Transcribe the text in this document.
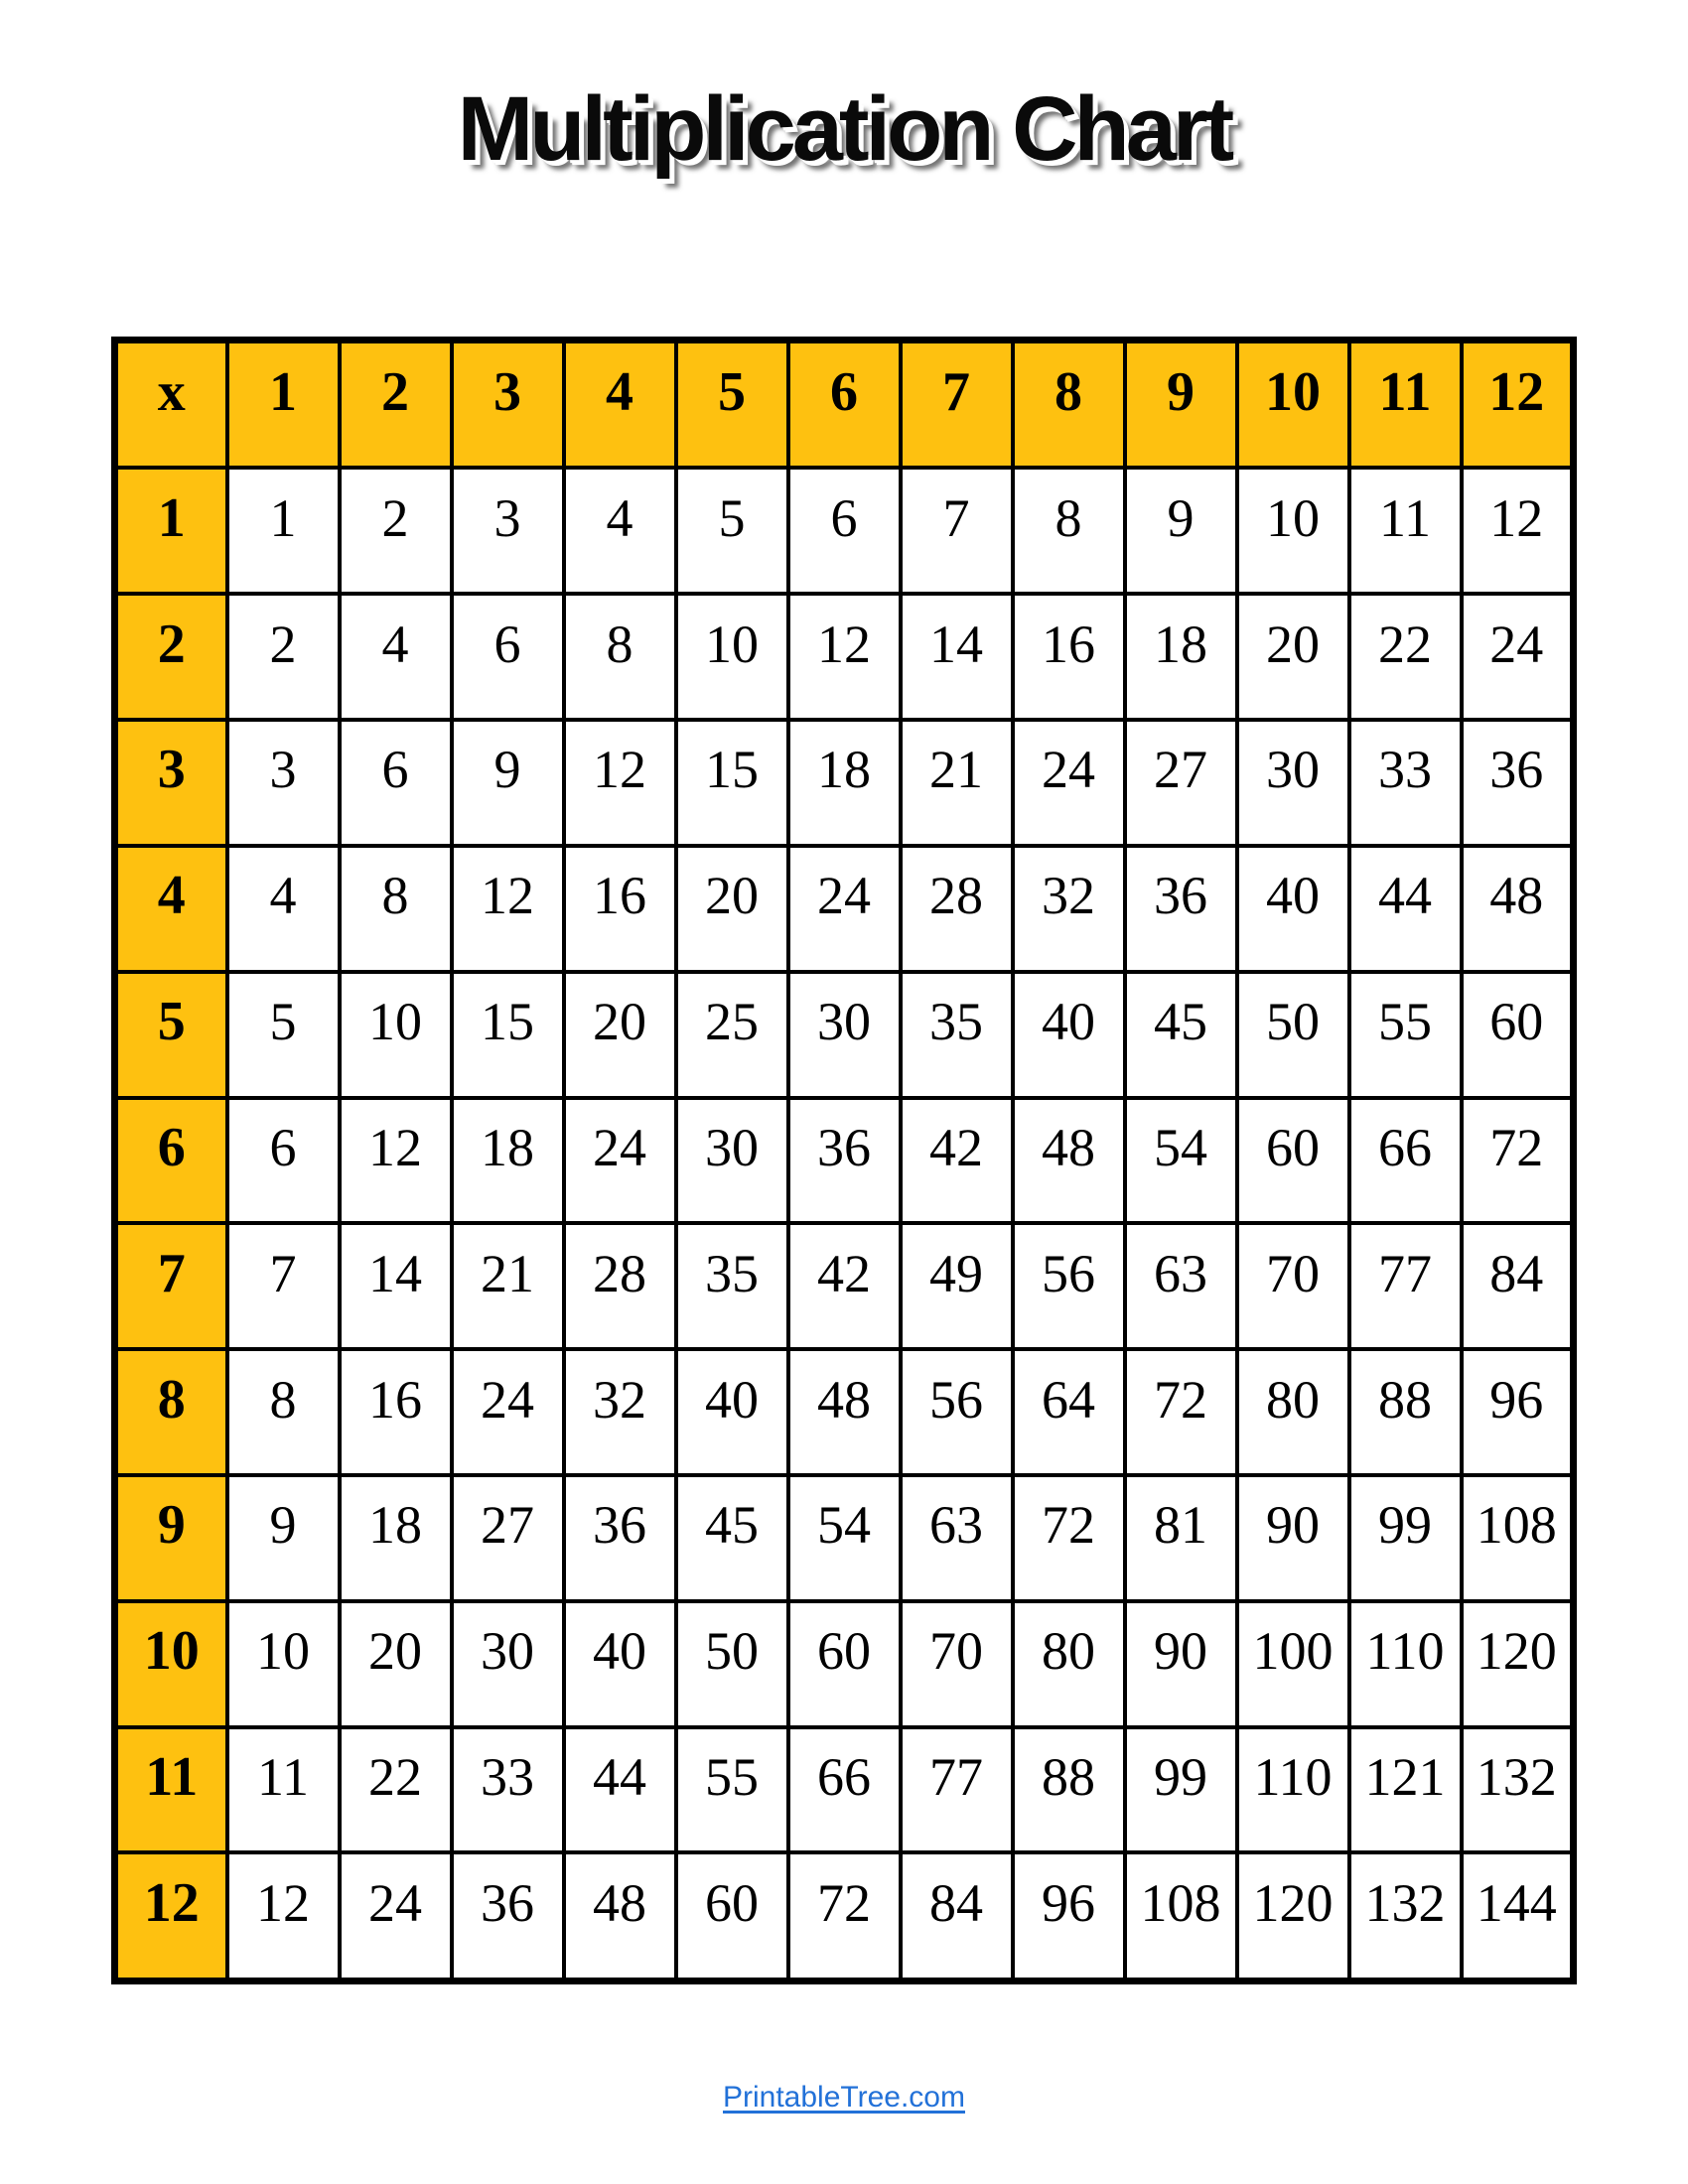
Multiplication Chart
x	1	2	3	4	5	6	7	8	9	10	11	12
1	1	2	3	4	5	6	7	8	9	10	11	12
2	2	4	6	8	10	12	14	16	18	20	22	24
3	3	6	9	12	15	18	21	24	27	30	33	36
4	4	8	12	16	20	24	28	32	36	40	44	48
5	5	10	15	20	25	30	35	40	45	50	55	60
6	6	12	18	24	30	36	42	48	54	60	66	72
7	7	14	21	28	35	42	49	56	63	70	77	84
8	8	16	24	32	40	48	56	64	72	80	88	96
9	9	18	27	36	45	54	63	72	81	90	99	108
10	10	20	30	40	50	60	70	80	90	100	110	120
11	11	22	33	44	55	66	77	88	99	110	121	132
12	12	24	36	48	60	72	84	96	108	120	132	144
PrintableTree.com
